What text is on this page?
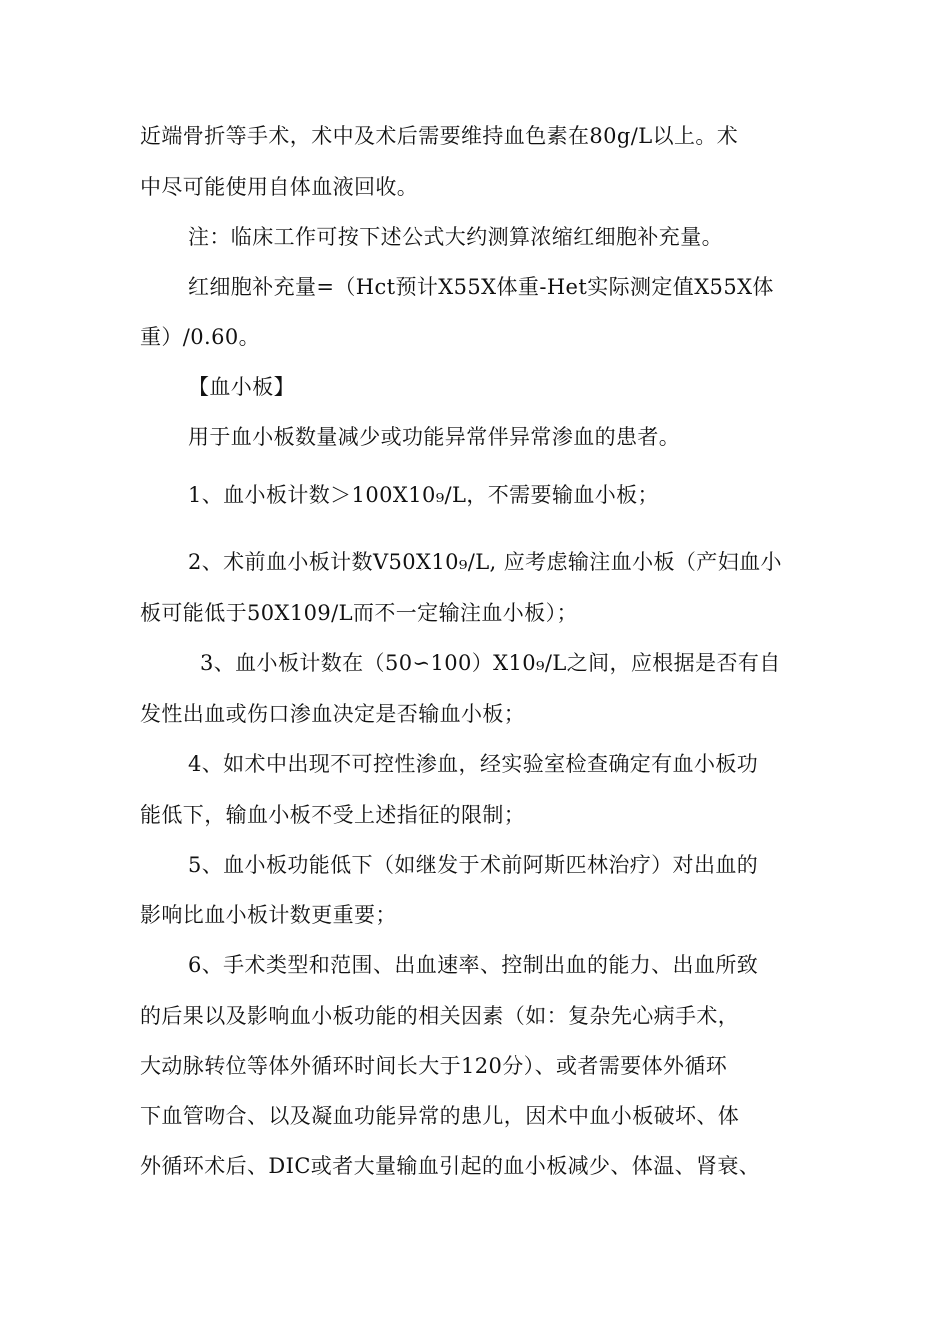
近端骨折等手术，术中及术后需要维持血色素在80g/L以上。术
中尽可能使用自体血液回收。
注：临床工作可按下述公式大约测算浓缩红细胞补充量。
红细胞补充量=（Hct预计X55X体重-Het实际测定值X55X体
重）/0.60。
【血小板】
用于血小板数量减少或功能异常伴异常渗血的患者。
1、血小板计数＞100X10₉/L，不需要输血小板；
2、术前血小板计数V50X10₉/L, 应考虑输注血小板（产妇血小
板可能低于50X109/L而不一定输注血小板）；
3、血小板计数在（50∽100）X10₉/L之间，应根据是否有自
发性出血或伤口渗血决定是否输血小板；
4、如术中出现不可控性渗血，经实验室检查确定有血小板功
能低下，输血小板不受上述指征的限制；
5、血小板功能低下（如继发于术前阿斯匹林治疗）对出血的
影响比血小板计数更重要；
6、手术类型和范围、出血速率、控制出血的能力、出血所致
的后果以及影响血小板功能的相关因素（如：复杂先心病手术，
大动脉转位等体外循环时间长大于120分）、或者需要体外循环
下血管吻合、以及凝血功能异常的患儿，因术中血小板破坏、体
外循环术后、DIC或者大量输血引起的血小板减少、体温、肾衰、
